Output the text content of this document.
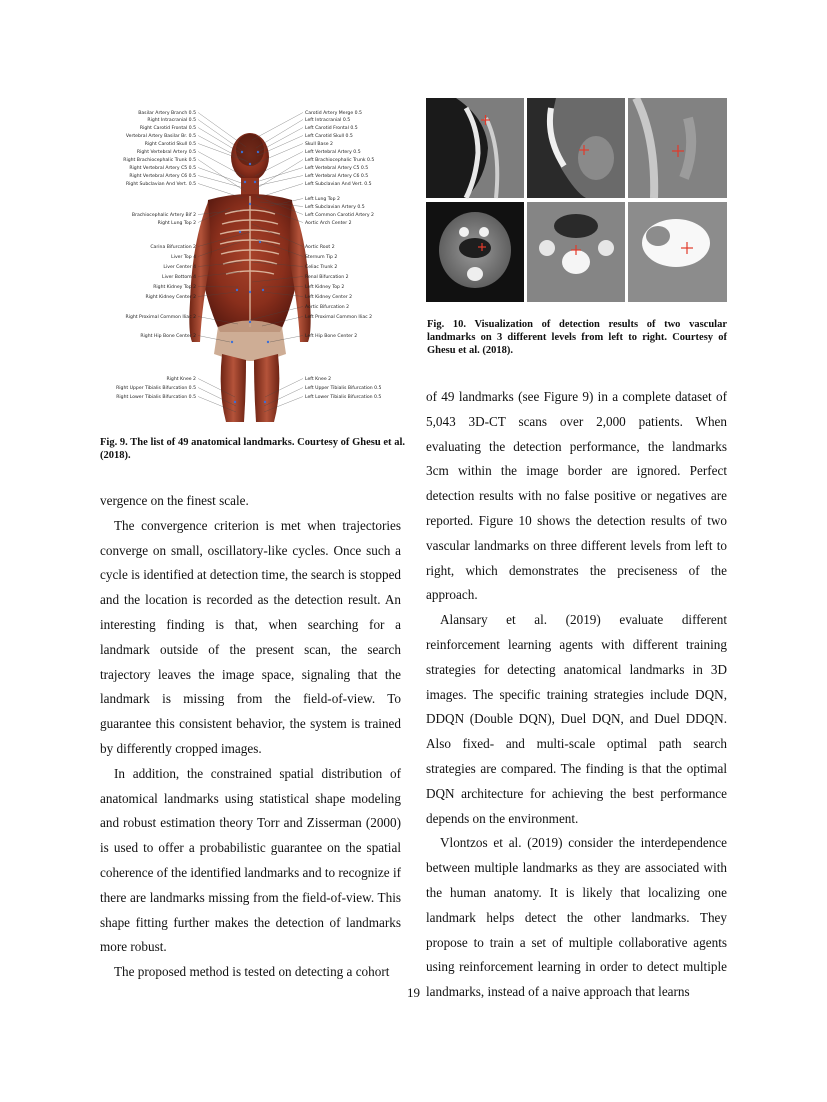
Basilar Artery Branch 0.5
Right Intracranial 0.5
Right Carotid Frontal 0.5
Vertebral Artery Basilar Br. 0.5
Right Carotid Skull 0.5
Right Vertebral Artery 0.5
Right Brachiocephalic Trunk 0.5
Right Vertebral Artery C5 0.5
Right Vertebral Artery C6 0.5
Right Subclavian And Vert. 0.5
Brachiocephalic Artery Bif 2
Right Lung Top 2
Carina Bifurcation 2
Liver Top 4
Liver Center 4
Liver Bottom 4
Right Kidney Top 2
Right Kidney Center 2
Right Proximal Common Iliac 2
Right Hip Bone Center 2
Right Knee 2
Right Upper Tibialis Bifurcation 0.5
Right Lower Tibialis Bifurcation 0.5
Carotid Artery Merge 0.5
Left Intracranial 0.5
Left Carotid Frontal 0.5
Left Carotid Skull 0.5
Skull Base 2
Left Vertebral Artery 0.5
Left Brachiocephalic Trunk 0.5
Left Vertebral Artery C5 0.5
Left Vertebral Artery C6 0.5
Left Subclavian And Vert. 0.5
Left Lung Top 2
Left Subclavian Artery 0.5
Left Common Carotid Artery 2
Aortic Arch Center 2
Aortic Root 2
Sternum Tip 2
Celiac Trunk 2
Renal Bifurcation 2
Left Kidney Top 2
Left Kidney Center 2
Aortic Bifurcation 2
Left Proximal Common Iliac 2
Left Hip Bone Center 2
Left Knee 2
Left Upper Tibialis Bifurcation 0.5
Left Lower Tibialis Bifurcation 0.5
Fig. 9. The list of 49 anatomical landmarks. Courtesy of Ghesu et al. (2018).
Fig. 10. Visualization of detection results of two vascular landmarks on 3 different levels from left to right. Courtesy of Ghesu et al. (2018).

vergence on the finest scale.

The convergence criterion is met when trajectories converge on small, oscillatory-like cycles. Once such a cycle is identified at detection time, the search is stopped and the location is recorded as the detection result. An interesting finding is that, when searching for a landmark outside of the present scan, the search trajectory leaves the image space, signaling that the landmark is missing from the field-of-view. To guarantee this consistent behavior, the system is trained by differently cropped images.

In addition, the constrained spatial distribution of anatomical landmarks using statistical shape modeling and robust estimation theory Torr and Zisserman (2000) is used to offer a probabilistic guarantee on the spatial coherence of the identified landmarks and to recognize if there are landmarks missing from the field-of-view. This shape fitting further makes the detection of landmarks more robust.

The proposed method is tested on detecting a cohort

of 49 landmarks (see Figure 9) in a complete dataset of 5,043 3D-CT scans over 2,000 patients. When evaluating the detection performance, the landmarks 3cm within the image border are ignored. Perfect detection results with no false positive or negatives are reported. Figure 10 shows the detection results of two vascular landmarks on three different levels from left to right, which demonstrates the preciseness of the approach.

Alansary et al. (2019) evaluate different reinforcement learning agents with different training strategies for detecting anatomical landmarks in 3D images. The specific training strategies include DQN, DDQN (Double DQN), Duel DQN, and Duel DDQN. Also fixed- and multi-scale optimal path search strategies are compared. The finding is that the optimal DQN architecture for achieving the best performance depends on the environment.

Vlontzos et al. (2019) consider the interdependence between multiple landmarks as they are associated with the human anatomy. It is likely that localizing one landmark helps detect the other landmarks. They propose to train a set of multiple collaborative agents using reinforcement learning in order to detect multiple landmarks, instead of a naive approach that learns

19
